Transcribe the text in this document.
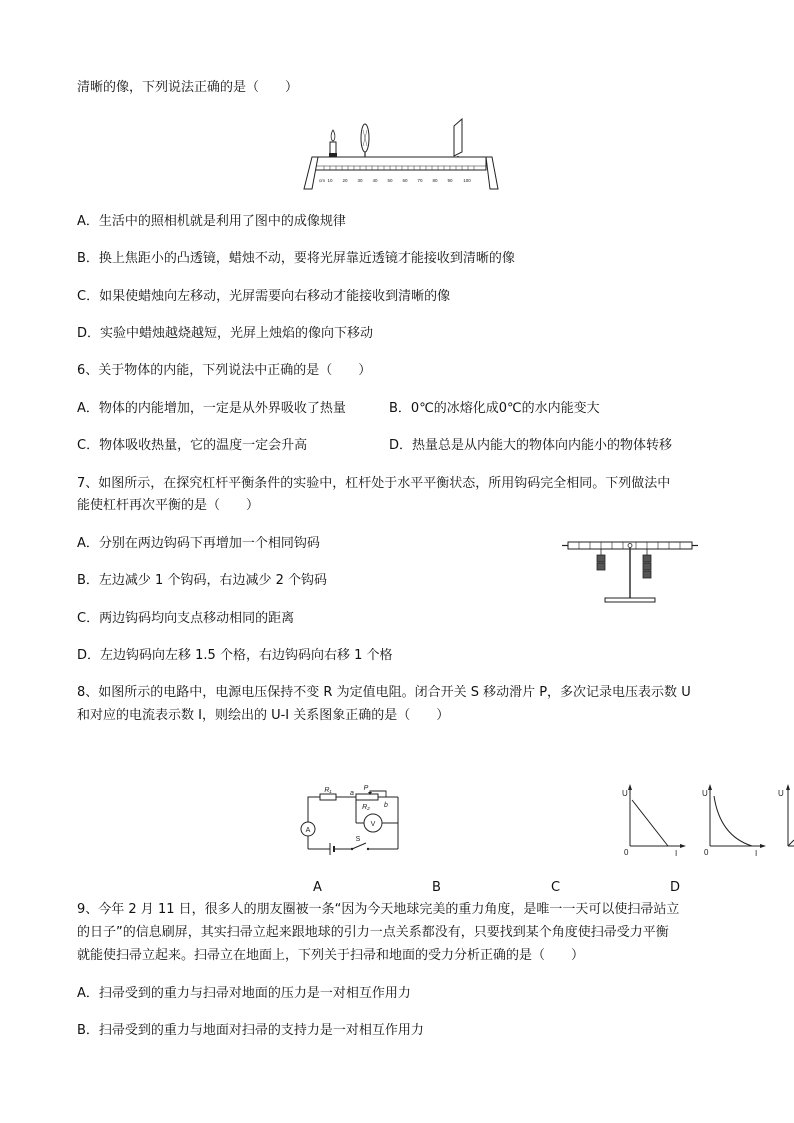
清晰的像，下列说法正确的是（　　）
10 20 30 40 50 60 70 80 90 100
cm
A．生活中的照相机就是利用了图中的成像规律
B．换上焦距小的凸透镜，蜡烛不动，要将光屏靠近透镜才能接收到清晰的像
C．如果使蜡烛向左移动，光屏需要向右移动才能接收到清晰的像
D．实验中蜡烛越烧越短，光屏上烛焰的像向下移动
6、关于物体的内能，下列说法中正确的是（　　）
A．物体的内能增加，一定是从外界吸收了热量	B．0℃的冰熔化成0℃的水内能变大
C．物体吸收热量，它的温度一定会升高	D．热量总是从内能大的物体向内能小的物体转移
7、如图所示，在探究杠杆平衡条件的实验中，杠杆处于水平平衡状态，所用钩码完全相同。下列做法中
能使杠杆再次平衡的是（　　）
A．分别在两边钩码下再增加一个相同钩码
B．左边减少 1 个钩码，右边减少 2 个钩码
C．两边钩码均向支点移动相同的距离
D．左边钩码向左移 1.5 个格，右边钩码向右移 1 个格
8、如图所示的电路中，电源电压保持不变 R 为定值电阻。闭合开关 S 移动滑片 P，多次记录电压表示数 U
和对应的电流表示数 I，则绘出的 U-I 关系图象正确的是（　　）
A
V
R₁
R₂
P
a
b
S
U
I
0
U
I
0
U
A	B	C	D
9、今年 2 月 11 日，很多人的朋友圈被一条“因为今天地球完美的重力角度，是唯一一天可以使扫帚站立
的日子”的信息刷屏，其实扫帚立起来跟地球的引力一点关系都没有，只要找到某个角度使扫帚受力平衡
就能使扫帚立起来。扫帚立在地面上，下列关于扫帚和地面的受力分析正确的是（　　）
A．扫帚受到的重力与扫帚对地面的压力是一对相互作用力
B．扫帚受到的重力与地面对扫帚的支持力是一对相互作用力
